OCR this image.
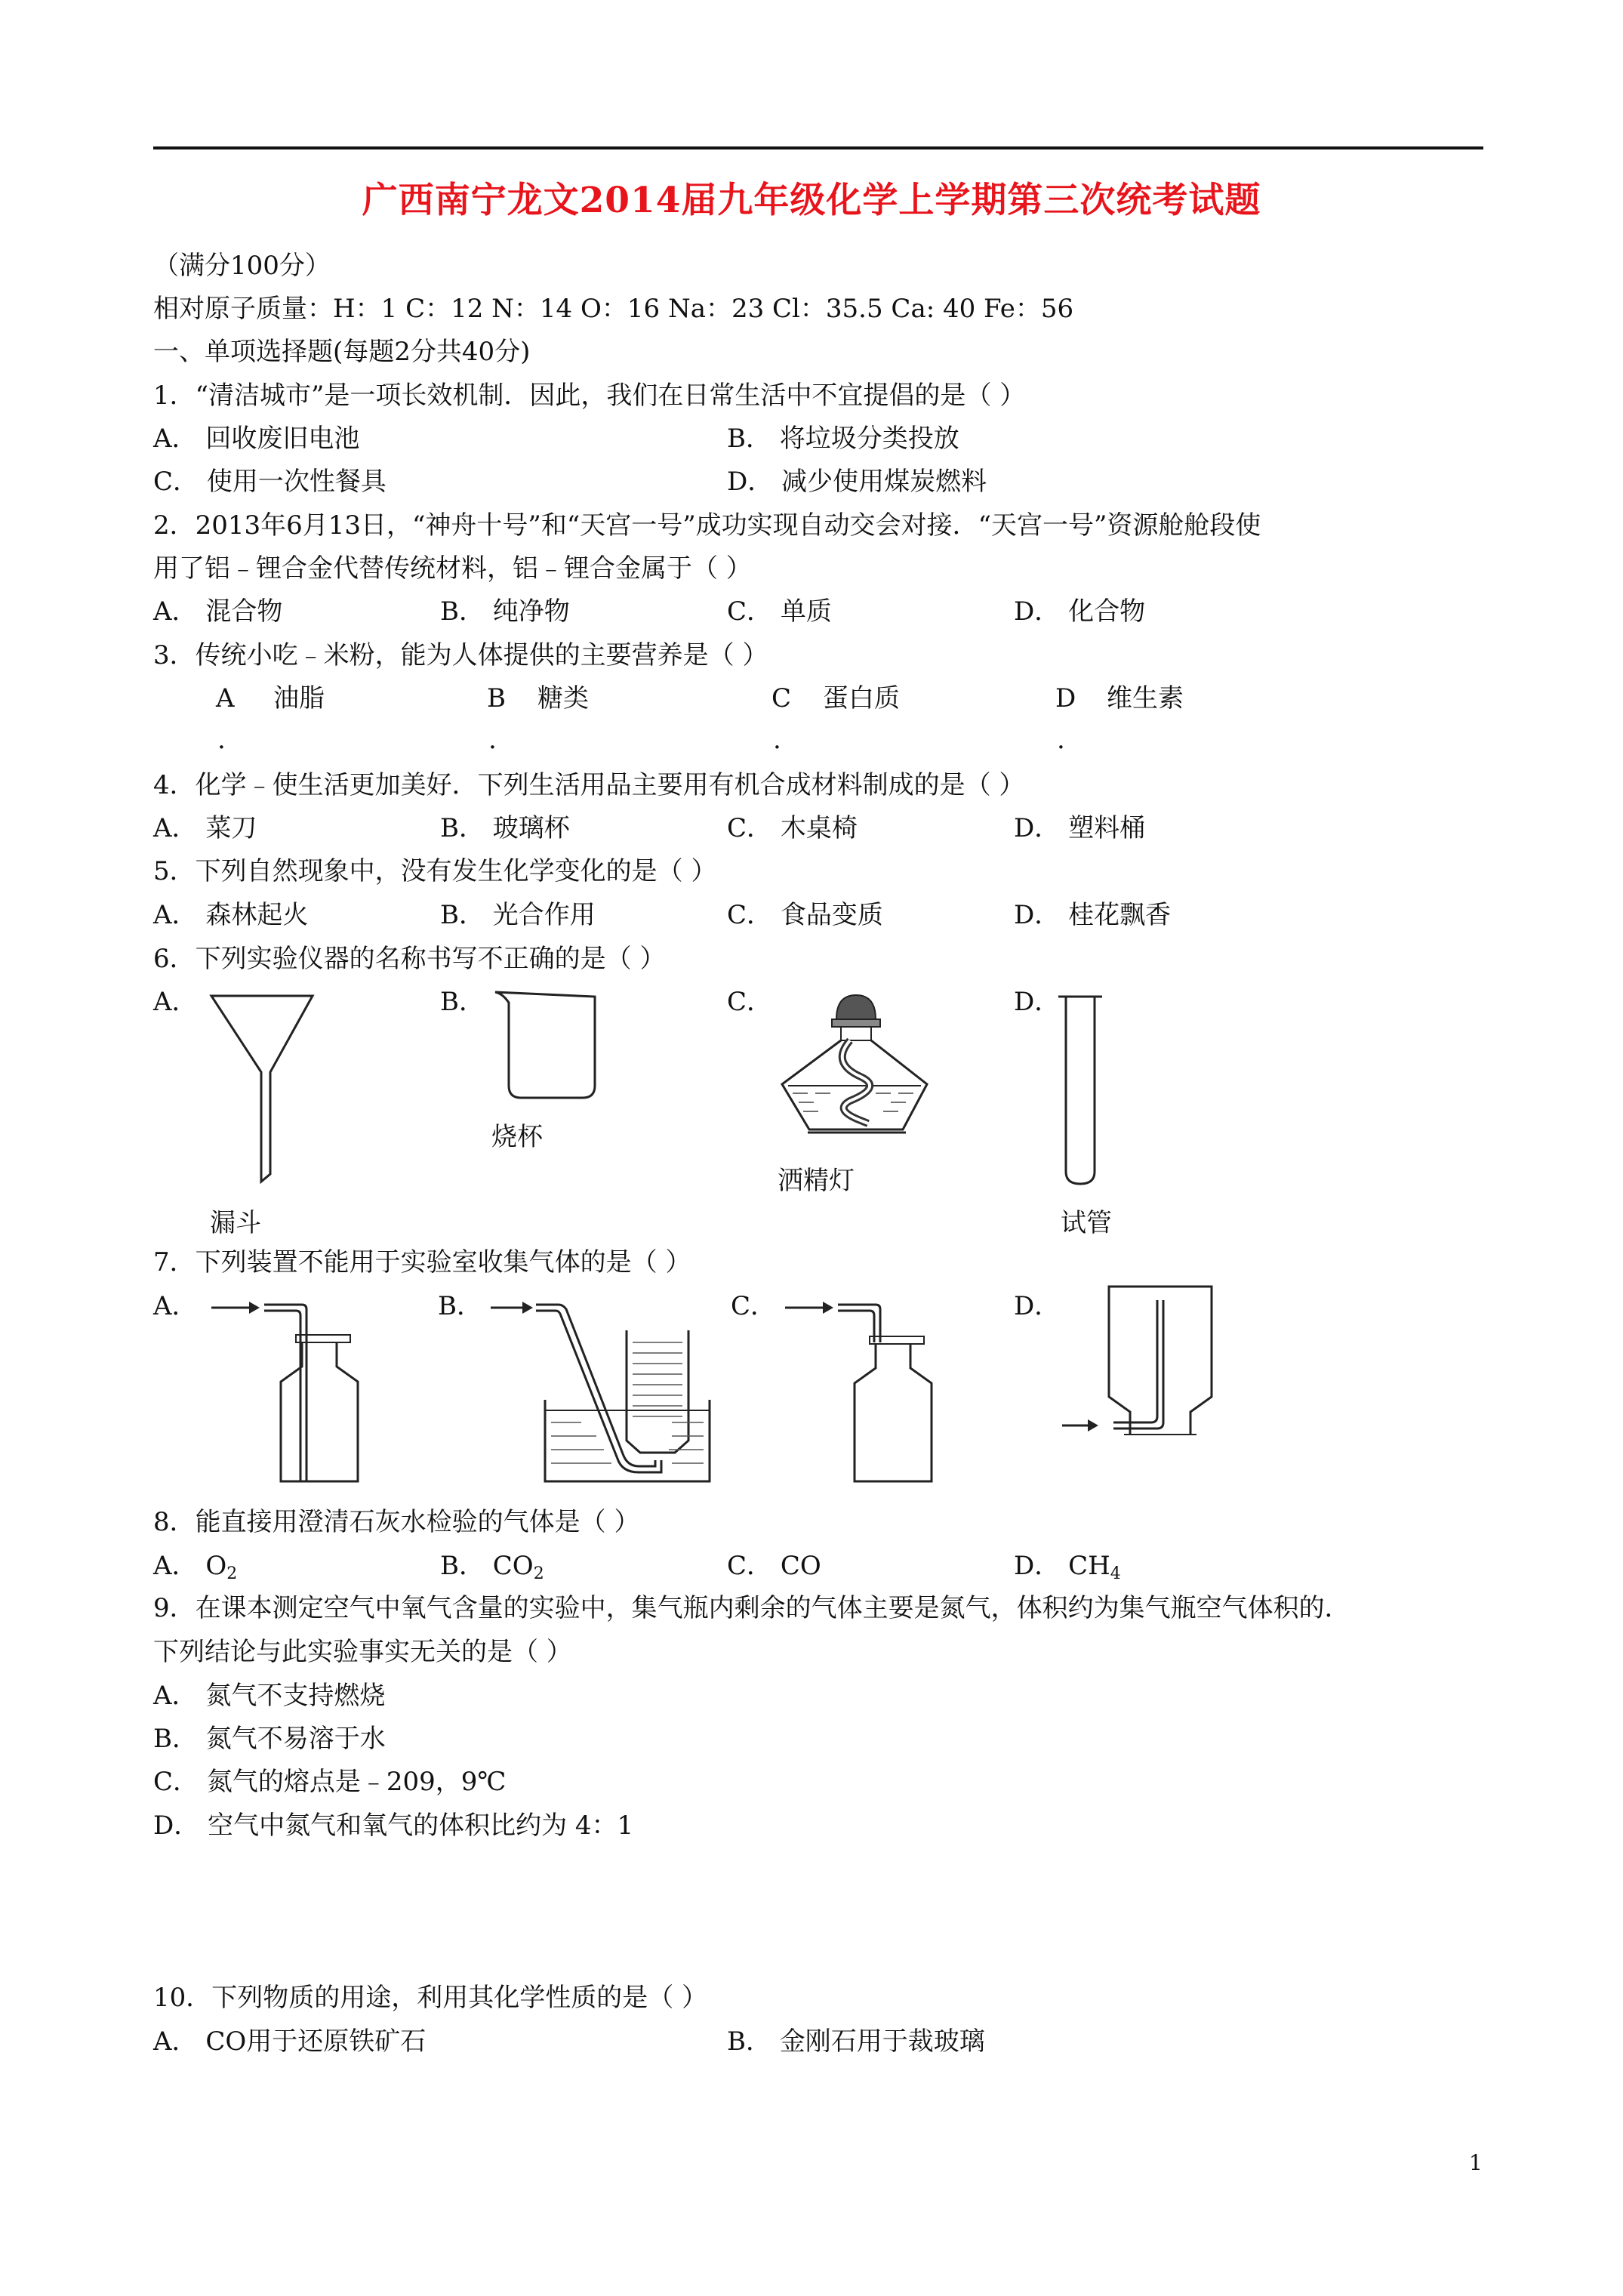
广西南宁龙文2014届九年级化学上学期第三次统考试题
（满分100分）
相对原子质量：H：1 C：12 N：14 O：16 Na：23 Cl：35.5 Ca: 40 Fe：56
一、单项选择题(每题2分共40分)
1．“清洁城市”是一项长效机制．因此，我们在日常生活中不宜提倡的是（ ）
A． 回收废旧电池	B． 将垃圾分类投放
C． 使用一次性餐具	D． 减少使用煤炭燃料
2．2013年6月13日，“神舟十号”和“天宫一号”成功实现自动交会对接．“天宫一号”资源舱舱段使
用了铝﹣锂合金代替传统材料，铝﹣锂合金属于（ ）
A． 混合物	B． 纯净物	C． 单质	D． 化合物
3．传统小吃﹣米粉，能为人体提供的主要营养是（ ）
A 油脂	B 糖类	C 蛋白质	D 维生素
.	.	.	.
4．化学﹣使生活更加美好．下列生活用品主要用有机合成材料制成的是（ ）
A． 菜刀	B． 玻璃杯	C． 木桌椅	D． 塑料桶
5．下列自然现象中，没有发生化学变化的是（ ）
A． 森林起火	B． 光合作用	C． 食品变质	D． 桂花飘香
6．下列实验仪器的名称书写不正确的是（ ）
A．	B．	C．	D．
漏斗
烧杯
洒精灯
试管
7．下列装置不能用于实验室收集气体的是（ ）
A．	B．	C．	D．
8．能直接用澄清石灰水检验的气体是（ ）
A． $O_2$	B． $CO_2$	C． CO	D． $CH_4$
9．在课本测定空气中氧气含量的实验中，集气瓶内剩余的气体主要是氮气，体积约为集气瓶空气体积的．
下列结论与此实验事实无关的是（ ）
A． 氮气不支持燃烧
B． 氮气不易溶于水
C． 氮气的熔点是﹣209，9℃
D． 空气中氮气和氧气的体积比约为 4：1
10．下列物质的用途，利用其化学性质的是（ ）
A． CO用于还原铁矿石	B． 金刚石用于裁玻璃
1
